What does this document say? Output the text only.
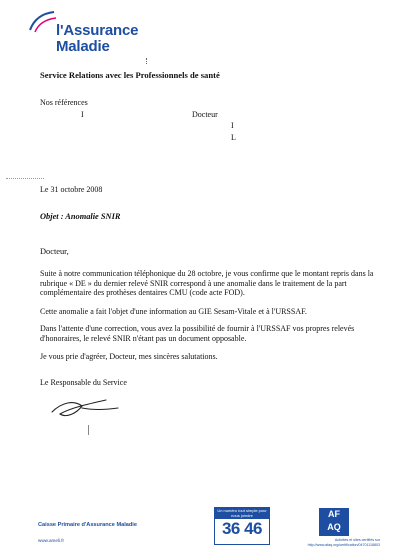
l'Assurance
Maladie
Service Relations avec les Professionnels de santé
Nos références
I	Docteur
I
L
Le 31 octobre 2008
Objet : Anomalie SNIR
Docteur,
Suite à notre communication téléphonique du 28 octobre, je vous confirme que le montant repris dans la rubrique « DE » du dernier relevé SNIR correspond à une anomalie dans le traitement de la part complémentaire des prothèses dentaires CMU (code acte FOD).
Cette anomalie a fait l'objet d'une information au GIE Sesam-Vitale et à l'URSSAF.
Dans l'attente d'une correction, vous avez la possibilité de fournir à l'URSSAF vos propres relevés d'honoraires, le relevé SNIR n'étant pas un document opposable.
Je vous prie d'agréer, Docteur, mes sincères salutations.
Le Responsable du Service
Caisse Primaire d'Assurance Maladie
www.ameli.fr
Un numéro tout simple pour nous joindre
36 46
AF
AQ
Activités et sites certifiés sur
http://www.afaq.org/certification/04701118803
